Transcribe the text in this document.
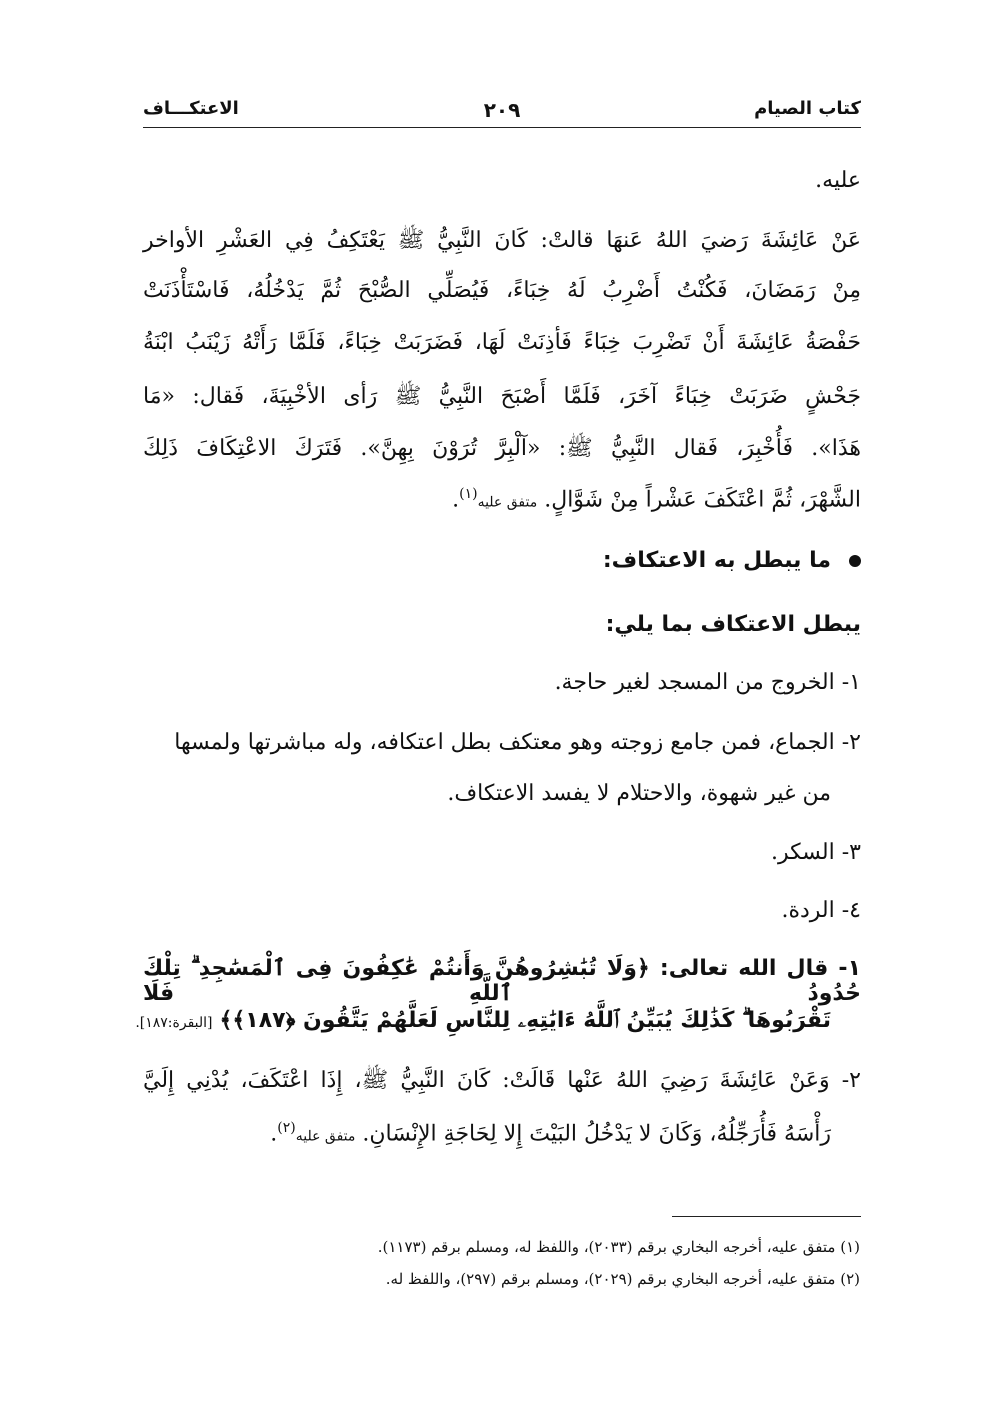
كتاب الصيام
٢٠٩
الاعتكـــاف
عليه.
عَنْ عَائِشَةَ رَضيَ اللهُ عَنهَا قالتْ: كَانَ النَّبِيُّ ﷺ يَعْتَكِفُ فِي العَشْرِ الأواخر
مِنْ رَمَضَانَ، فَكُنْتُ أَضْرِبُ لَهُ خِبَاءً، فَيُصَلِّي الصُّبْحَ ثُمَّ يَدْخُلُهُ، فَاسْتَأْذَنَتْ
حَفْصَةُ عَائِشَةَ أَنْ تَضْرِبَ خِبَاءً فَأذِنَتْ لَهَا، فَضَرَبَتْ خِبَاءً، فَلَمَّا رَأَتْهُ زَيْنَبُ ابْنَةُ
جَحْشٍ ضَرَبَتْ خِبَاءً آخَرَ، فَلَمَّا أَصْبَحَ النَّبِيُّ ﷺ رَأى الأخْبِيَةَ، فَقال: «مَا
هَذَا». فَأُخْبِرَ، فَقال النَّبِيُّ ﷺ: «آلْبِرَّ تُرَوْنَ بِهِنَّ». فَتَرَكَ الاعْتِكَافَ ذَلِكَ
الشَّهْرَ، ثُمَّ اعْتَكَفَ عَشْراً مِنْ شَوَّالٍ. متفق عليه$^{(١)}$.
ما يبطل به الاعتكاف:
يبطل الاعتكاف بما يلي:
١- الخروج من المسجد لغير حاجة.
٢- الجماع، فمن جامع زوجته وهو معتكف بطل اعتكافه، وله مباشرتها ولمسها
من غير شهوة، والاحتلام لا يفسد الاعتكاف.
٣- السكر.
٤- الردة.
١- قال الله تعالى: ﴿وَلَا تُبَٰشِرُوهُنَّ وَأَنتُمْ عَٰكِفُونَ فِى ٱلْمَسَٰجِدِ ۗ تِلْكَ حُدُودُ ٱللَّهِ فَلَا
تَقْرَبُوهَا ۗ كَذَٰلِكَ يُبَيِّنُ ٱللَّهُ ءَايَٰتِهِۦ لِلنَّاسِ لَعَلَّهُمْ يَتَّقُونَ ﴿١٨٧﴾﴾ [البقرة:١٨٧].
٢- وَعَنْ عَائِشَةَ رَضِيَ اللهُ عَنْها قَالَتْ: كَانَ النَّبِيُّ ﷺ، إِذَا اعْتَكَفَ، يُدْنِي إِلَيَّ
رَأْسَهُ فَأُرَجِّلُهُ، وَكَانَ لا يَدْخُلُ البَيْتَ إِلا لِحَاجَةِ الإِنْسَانِ. متفق عليه$^{(٢)}$.
(١) متفق عليه، أخرجه البخاري برقم (٢٠٣٣)، واللفظ له، ومسلم برقم (١١٧٣).
(٢) متفق عليه، أخرجه البخاري برقم (٢٠٢٩)، ومسلم برقم (٢٩٧)، واللفظ له.
